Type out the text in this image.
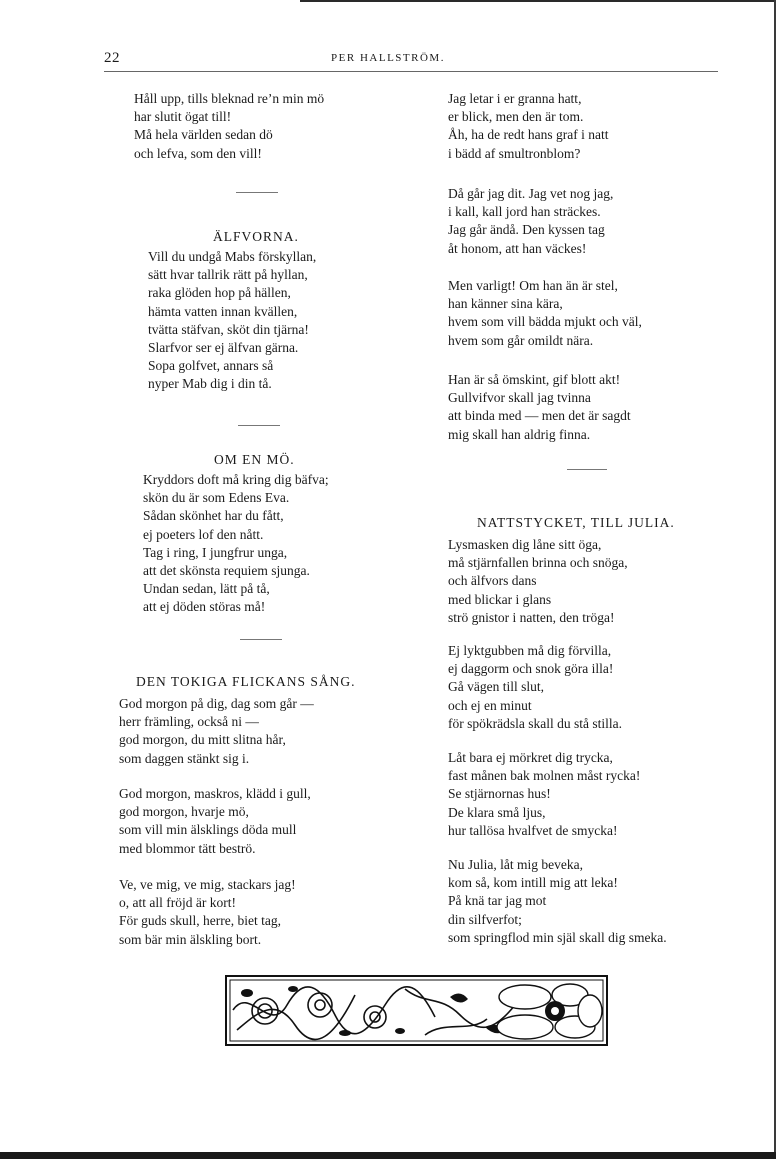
22	PER HALLSTRÖM.
Håll upp, tills bleknad re’n min mö
har slutit ögat till!
Må hela världen sedan dö
och lefva, som den vill!
ÄLFVORNA.
Vill du undgå Mabs förskyllan,
sätt hvar tallrik rätt på hyllan,
raka glöden hop på hällen,
hämta vatten innan kvällen,
tvätta stäfvan, sköt din tjärna!
Slarfvor ser ej älfvan gärna.
Sopa golfvet, annars så
nyper Mab dig i din tå.
OM EN MÖ.
Kryddors doft må kring dig bäfva;
skön du är som Edens Eva.
Sådan skönhet har du fått,
ej poeters lof den nått.
Tag i ring, I jungfrur unga,
att det skönsta requiem sjunga.
Undan sedan, lätt på tå,
att ej döden störas må!
DEN TOKIGA FLICKANS SÅNG.
God morgon på dig, dag som går —
herr främling, också ni —
god morgon, du mitt slitna hår,
som daggen stänkt sig i.
God morgon, maskros, klädd i gull,
god morgon, hvarje mö,
som vill min älsklings döda mull
med blommor tätt beströ.
Ve, ve mig, ve mig, stackars jag!
o, att all fröjd är kort!
För guds skull, herre, biet tag,
som bär min älskling bort.
Jag letar i er granna hatt,
er blick, men den är tom.
Åh, ha de redt hans graf i natt
i bädd af smultronblom?
Då går jag dit. Jag vet nog jag,
i kall, kall jord han sträckes.
Jag går ändå. Den kyssen tag
åt honom, att han väckes!
Men varligt! Om han än är stel,
han känner sina kära,
hvem som vill bädda mjukt och väl,
hvem som går omildt nära.
Han är så ömskint, gif blott akt!
Gullvifvor skall jag tvinna
att binda med — men det är sagdt
mig skall han aldrig finna.
NATTSTYCKET, TILL JULIA.
Lysmasken dig låne sitt öga,
må stjärnfallen brinna och snöga,
och älfvors dans
med blickar i glans
strö gnistor i natten, den tröga!
Ej lyktgubben må dig förvilla,
ej daggorm och snok göra illa!
Gå vägen till slut,
och ej en minut
för spökrädsla skall du stå stilla.
Låt bara ej mörkret dig trycka,
fast månen bak molnen måst rycka!
Se stjärnornas hus!
De klara små ljus,
hur tallösa hvalfvet de smycka!
Nu Julia, låt mig beveka,
kom så, kom intill mig att leka!
På knä tar jag mot
din silfverfot;
som springflod min själ skall dig smeka.
